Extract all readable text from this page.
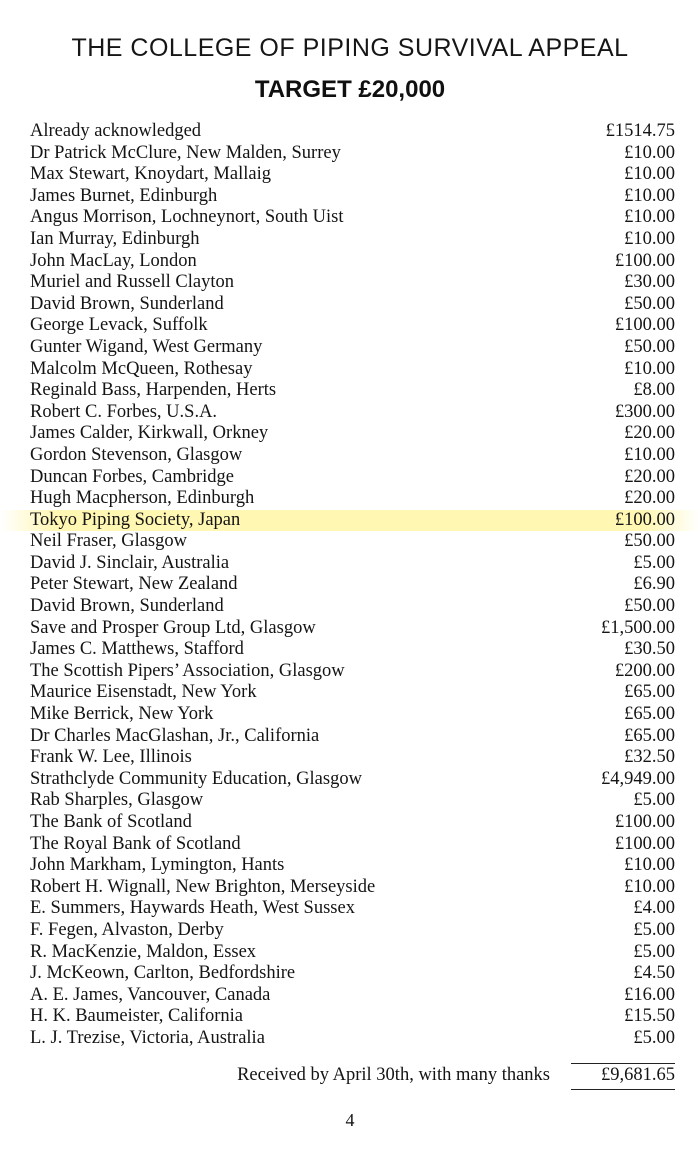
THE COLLEGE OF PIPING SURVIVAL APPEAL
TARGET £20,000
Already acknowledged	£1514.75
Dr Patrick McClure, New Malden, Surrey	£10.00
Max Stewart, Knoydart, Mallaig	£10.00
James Burnet, Edinburgh	£10.00
Angus Morrison, Lochneynort, South Uist	£10.00
Ian Murray, Edinburgh	£10.00
John MacLay, London	£100.00
Muriel and Russell Clayton	£30.00
David Brown, Sunderland	£50.00
George Levack, Suffolk	£100.00
Gunter Wigand, West Germany	£50.00
Malcolm McQueen, Rothesay	£10.00
Reginald Bass, Harpenden, Herts	£8.00
Robert C. Forbes, U.S.A.	£300.00
James Calder, Kirkwall, Orkney	£20.00
Gordon Stevenson, Glasgow	£10.00
Duncan Forbes, Cambridge	£20.00
Hugh Macpherson, Edinburgh	£20.00
Tokyo Piping Society, Japan	£100.00
Neil Fraser, Glasgow	£50.00
David J. Sinclair, Australia	£5.00
Peter Stewart, New Zealand	£6.90
David Brown, Sunderland	£50.00
Save and Prosper Group Ltd, Glasgow	£1,500.00
James C. Matthews, Stafford	£30.50
The Scottish Pipers’ Association, Glasgow	£200.00
Maurice Eisenstadt, New York	£65.00
Mike Berrick, New York	£65.00
Dr Charles MacGlashan, Jr., California	£65.00
Frank W. Lee, Illinois	£32.50
Strathclyde Community Education, Glasgow	£4,949.00
Rab Sharples, Glasgow	£5.00
The Bank of Scotland	£100.00
The Royal Bank of Scotland	£100.00
John Markham, Lymington, Hants	£10.00
Robert H. Wignall, New Brighton, Merseyside	£10.00
E. Summers, Haywards Heath, West Sussex	£4.00
F. Fegen, Alvaston, Derby	£5.00
R. MacKenzie, Maldon, Essex	£5.00
J. McKeown, Carlton, Bedfordshire	£4.50
A. E. James, Vancouver, Canada	£16.00
H. K. Baumeister, California	£15.50
L. J. Trezise, Victoria, Australia	£5.00
Received by April 30th, with many thanks	£9,681.65
4
